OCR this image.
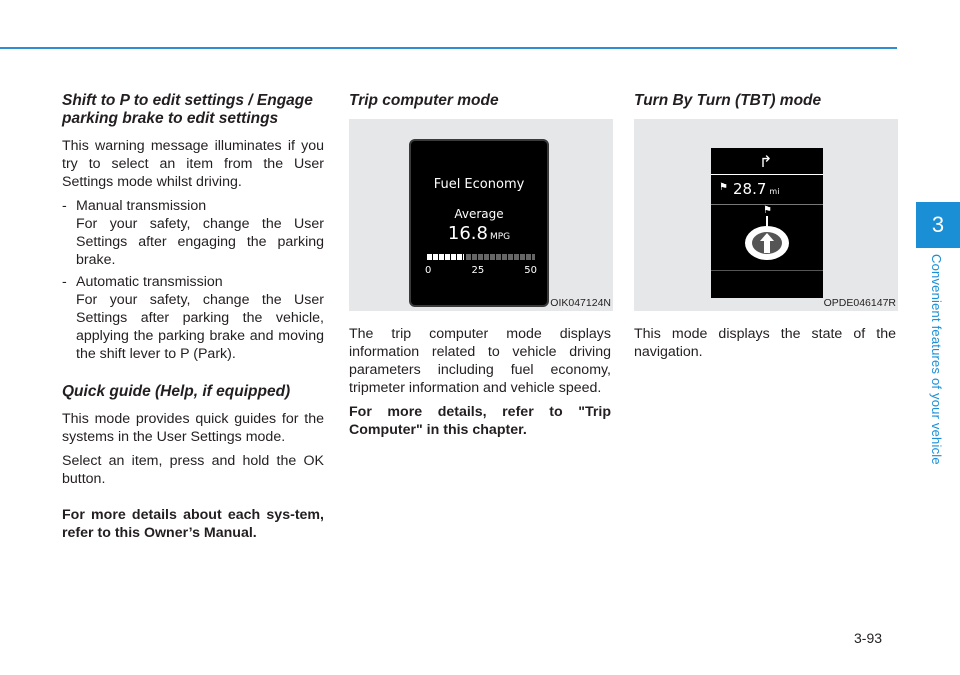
Shift to P to edit settings / Engage parking brake to edit settings

This warning message illuminates if you try to select an item from the User Settings mode whilst driving.

- Manual transmission
For your safety, change the User Settings after engaging the parking brake.
- Automatic transmission
For your safety, change the User Settings after parking the vehicle, applying the parking brake and moving the shift lever to P (Park).
Quick guide (Help, if equipped)

This mode provides quick guides for the systems in the User Settings mode.

Select an item, press and hold the OK button.

For more details about each sys-tem, refer to this Owner’s Manual.

Trip computer mode
Fuel Economy
Average
16.8 MPG
0	25	50
OIK047124N

The trip computer mode displays information related to vehicle driving parameters including fuel economy, tripmeter information and vehicle speed.

For more details, refer to "Trip Computer" in this chapter.

Turn By Turn (TBT) mode
↱
⚑ 28.7 mi
⚑
OPDE046147R

This mode displays the state of the navigation.

3
Convenient features of your vehicle
3-93
